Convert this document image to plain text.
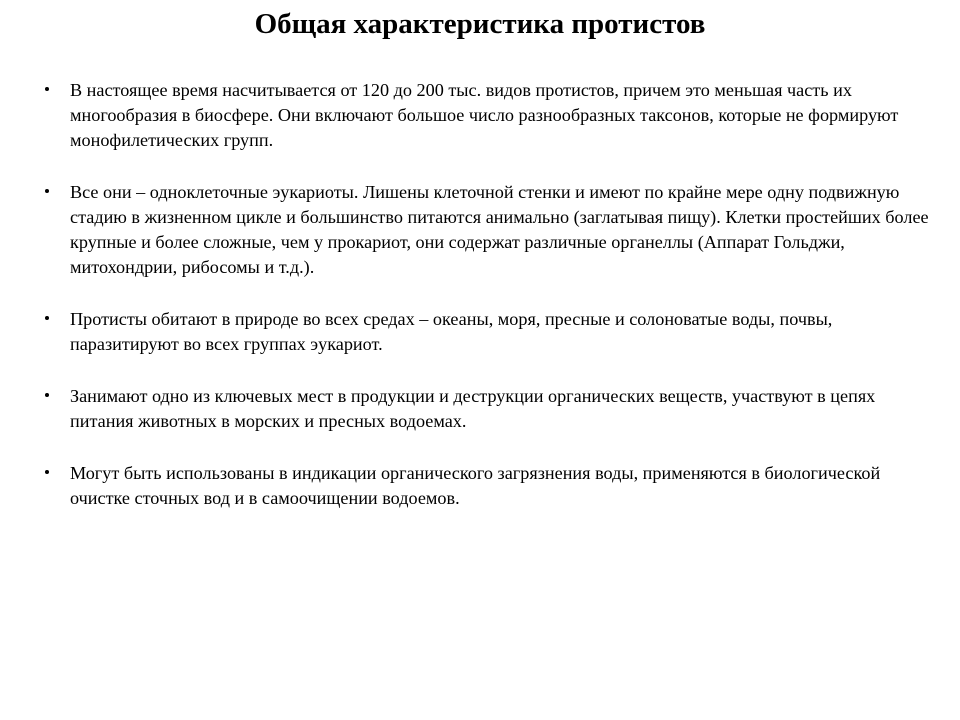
Общая характеристика протистов
В настоящее время насчитывается от 120 до 200 тыс. видов протистов, причем это меньшая часть их многообразия в биосфере. Они включают большое число разнообразных таксонов, которые не формируют монофилетических групп.
Все они – одноклеточные эукариоты. Лишены клеточной стенки и имеют по крайне мере одну подвижную стадию в жизненном цикле и большинство питаются анимально (заглатывая пищу). Клетки простейших более крупные и более сложные, чем у прокариот, они содержат различные органеллы (Аппарат Гольджи, митохондрии, рибосомы и т.д.).
Протисты обитают в природе во всех средах – океаны, моря, пресные и солоноватые воды, почвы, паразитируют во всех группах эукариот.
Занимают одно из ключевых мест в продукции и деструкции органических веществ, участвуют в цепях питания животных в морских и пресных водоемах.
Могут быть использованы в индикации органического загрязнения воды, применяются в биологической очистке сточных вод и в самоочищении водоемов.
